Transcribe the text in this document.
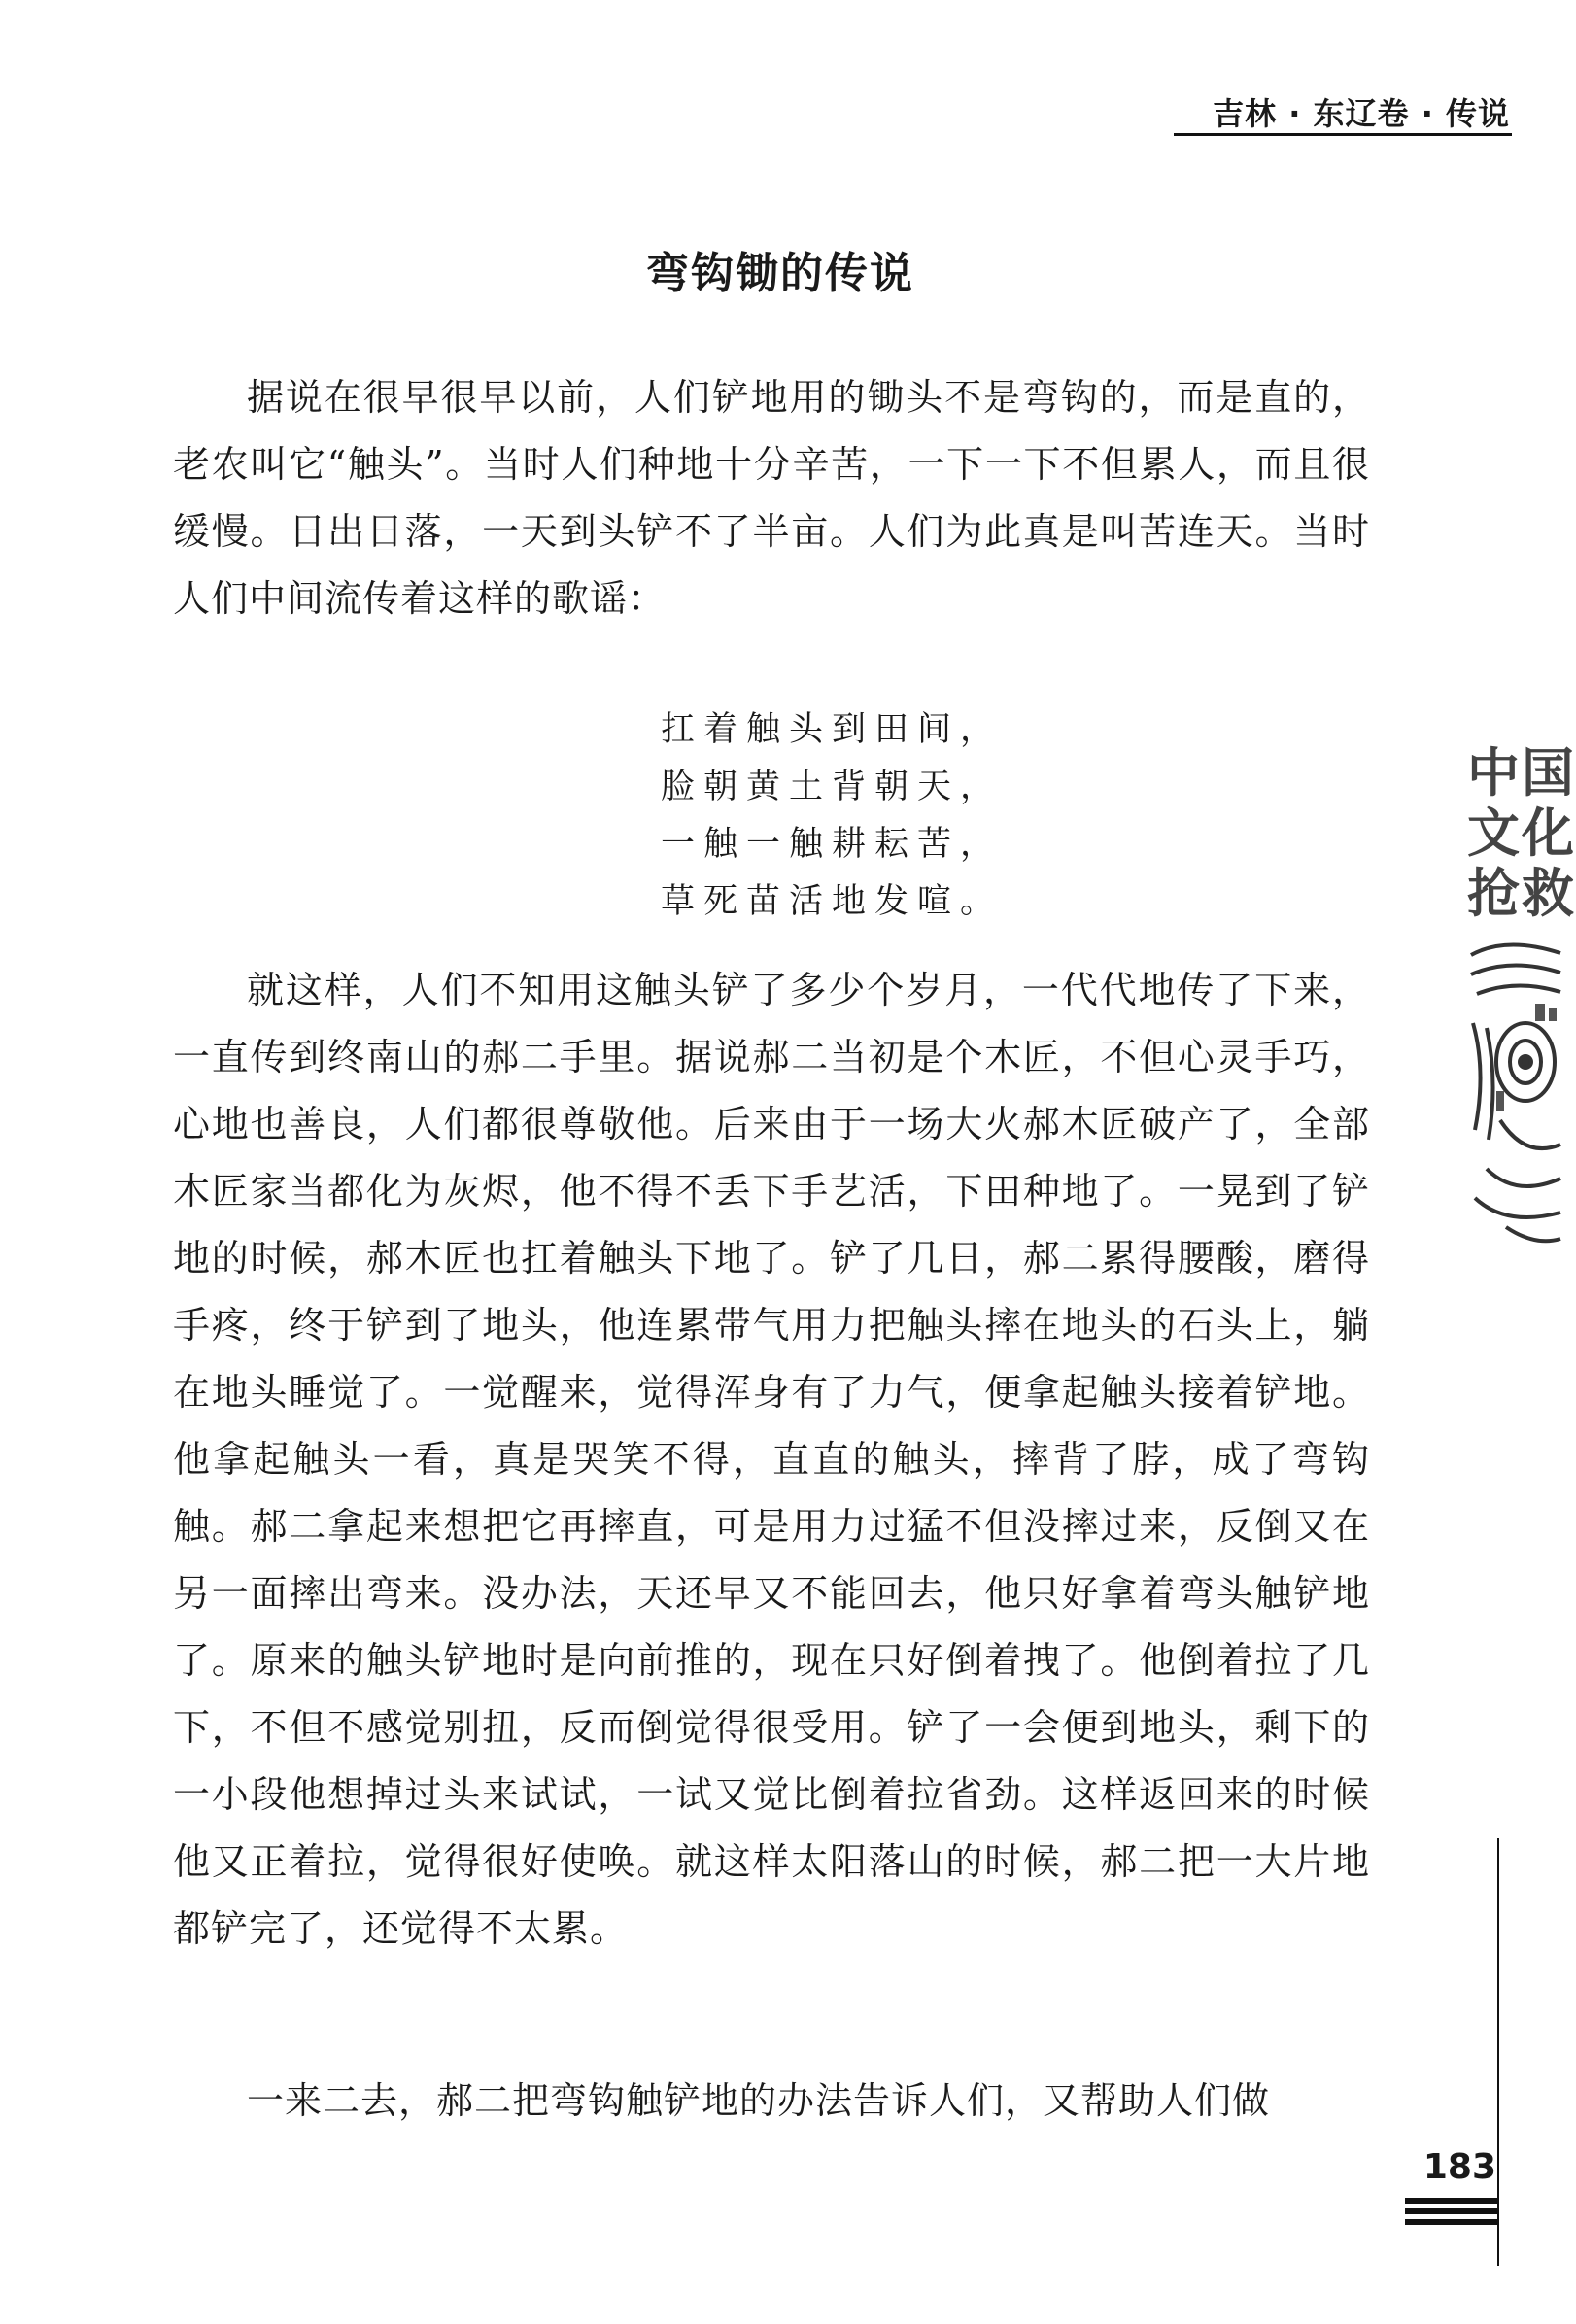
吉林 · 东辽卷 · 传说
弯钩锄的传说

据说在很早很早以前，人们铲地用的锄头不是弯钩的，而是直的，老农叫它“触头”。当时人们种地十分辛苦，一下一下不但累人，而且很缓慢。日出日落，一天到头铲不了半亩。人们为此真是叫苦连天。当时人们中间流传着这样的歌谣：

扛着触头到田间，
脸朝黄土背朝天，
一触一触耕耘苦，
草死苗活地发喧。

就这样，人们不知用这触头铲了多少个岁月，一代代地传了下来，一直传到终南山的郝二手里。据说郝二当初是个木匠，不但心灵手巧，心地也善良，人们都很尊敬他。后来由于一场大火郝木匠破产了，全部木匠家当都化为灰烬，他不得不丢下手艺活，下田种地了。一晃到了铲地的时候，郝木匠也扛着触头下地了。铲了几日，郝二累得腰酸，磨得手疼，终于铲到了地头，他连累带气用力把触头摔在地头的石头上，躺在地头睡觉了。一觉醒来，觉得浑身有了力气，便拿起触头接着铲地。他拿起触头一看，真是哭笑不得，直直的触头，摔背了脖，成了弯钩触。郝二拿起来想把它再摔直，可是用力过猛不但没摔过来，反倒又在另一面摔出弯来。没办法，天还早又不能回去，他只好拿着弯头触铲地了。原来的触头铲地时是向前推的，现在只好倒着拽了。他倒着拉了几下，不但不感觉别扭，反而倒觉得很受用。铲了一会便到地头，剩下的一小段他想掉过头来试试，一试又觉比倒着拉省劲。这样返回来的时候他又正着拉，觉得很好使唤。就这样太阳落山的时候，郝二把一大片地都铲完了，还觉得不太累。

一来二去，郝二把弯钩触铲地的办法告诉人们，又帮助人们做

中国
文化
抢救
183
